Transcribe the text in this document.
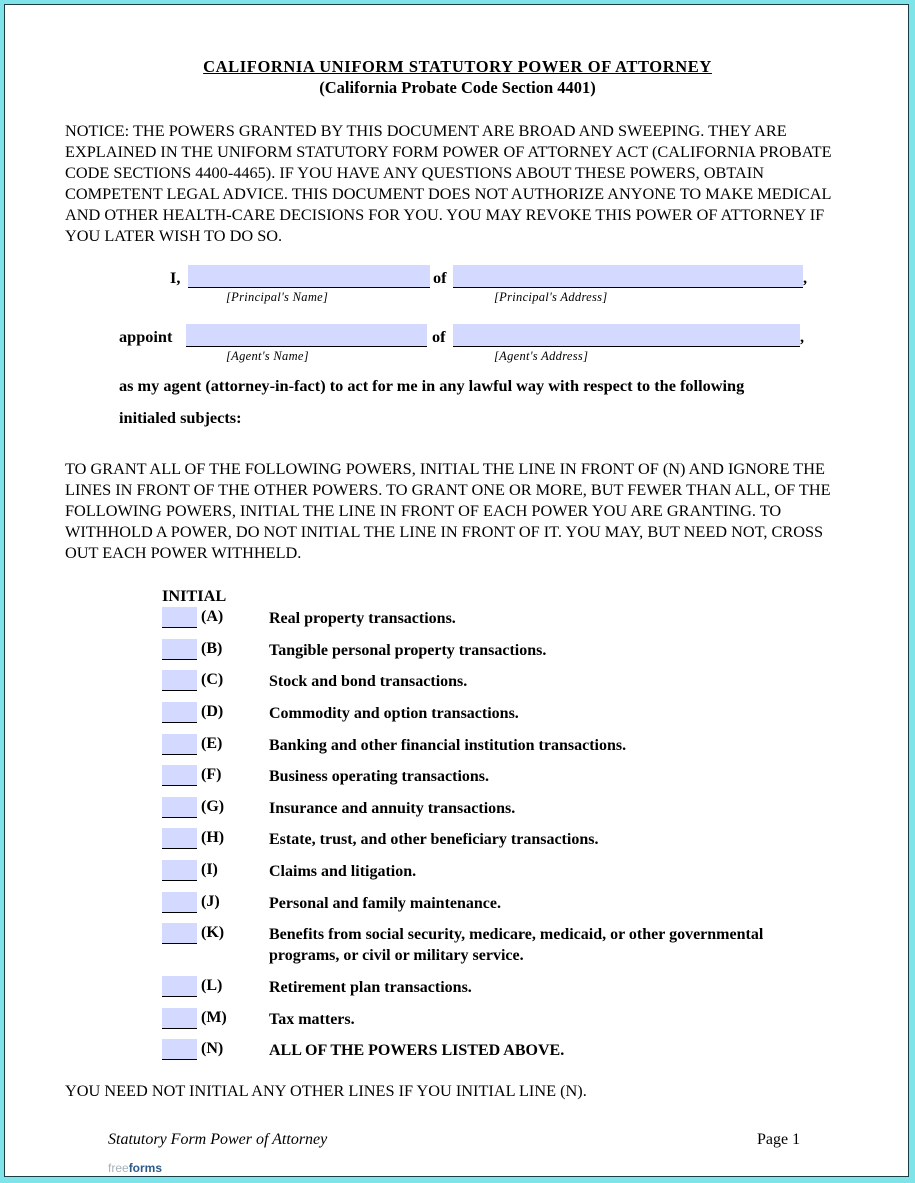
CALIFORNIA UNIFORM STATUTORY POWER OF ATTORNEY
(California Probate Code Section 4401)
NOTICE: THE POWERS GRANTED BY THIS DOCUMENT ARE BROAD AND SWEEPING. THEY ARE EXPLAINED IN THE UNIFORM STATUTORY FORM POWER OF ATTORNEY ACT (CALIFORNIA PROBATE CODE SECTIONS 4400-4465). IF YOU HAVE ANY QUESTIONS ABOUT THESE POWERS, OBTAIN COMPETENT LEGAL ADVICE. THIS DOCUMENT DOES NOT AUTHORIZE ANYONE TO MAKE MEDICAL AND OTHER HEALTH-CARE DECISIONS FOR YOU. YOU MAY REVOKE THIS POWER OF ATTORNEY IF YOU LATER WISH TO DO SO.
I,	of	,
[Principal's Name]	[Principal's Address]
appoint	of	,
[Agent's Name]	[Agent's Address]
as my agent (attorney-in-fact) to act for me in any lawful way with respect to the following
initialed subjects:
TO GRANT ALL OF THE FOLLOWING POWERS, INITIAL THE LINE IN FRONT OF (N) AND IGNORE THE LINES IN FRONT OF THE OTHER POWERS. TO GRANT ONE OR MORE, BUT FEWER THAN ALL, OF THE FOLLOWING POWERS, INITIAL THE LINE IN FRONT OF EACH POWER YOU ARE GRANTING. TO WITHHOLD A POWER, DO NOT INITIAL THE LINE IN FRONT OF IT. YOU MAY, BUT NEED NOT, CROSS OUT EACH POWER WITHHELD.
INITIAL
(A)	Real property transactions.
(B)	Tangible personal property transactions.
(C)	Stock and bond transactions.
(D)	Commodity and option transactions.
(E)	Banking and other financial institution transactions.
(F)	Business operating transactions.
(G)	Insurance and annuity transactions.
(H)	Estate, trust, and other beneficiary transactions.
(I)	Claims and litigation.
(J)	Personal and family maintenance.
(K)	Benefits from social security, medicare, medicaid, or other governmental programs, or civil or military service.
(L)	Retirement plan transactions.
(M)	Tax matters.
(N)	ALL OF THE POWERS LISTED ABOVE.
YOU NEED NOT INITIAL ANY OTHER LINES IF YOU INITIAL LINE (N).
Statutory Form Power of Attorney	Page 1
freeforms
